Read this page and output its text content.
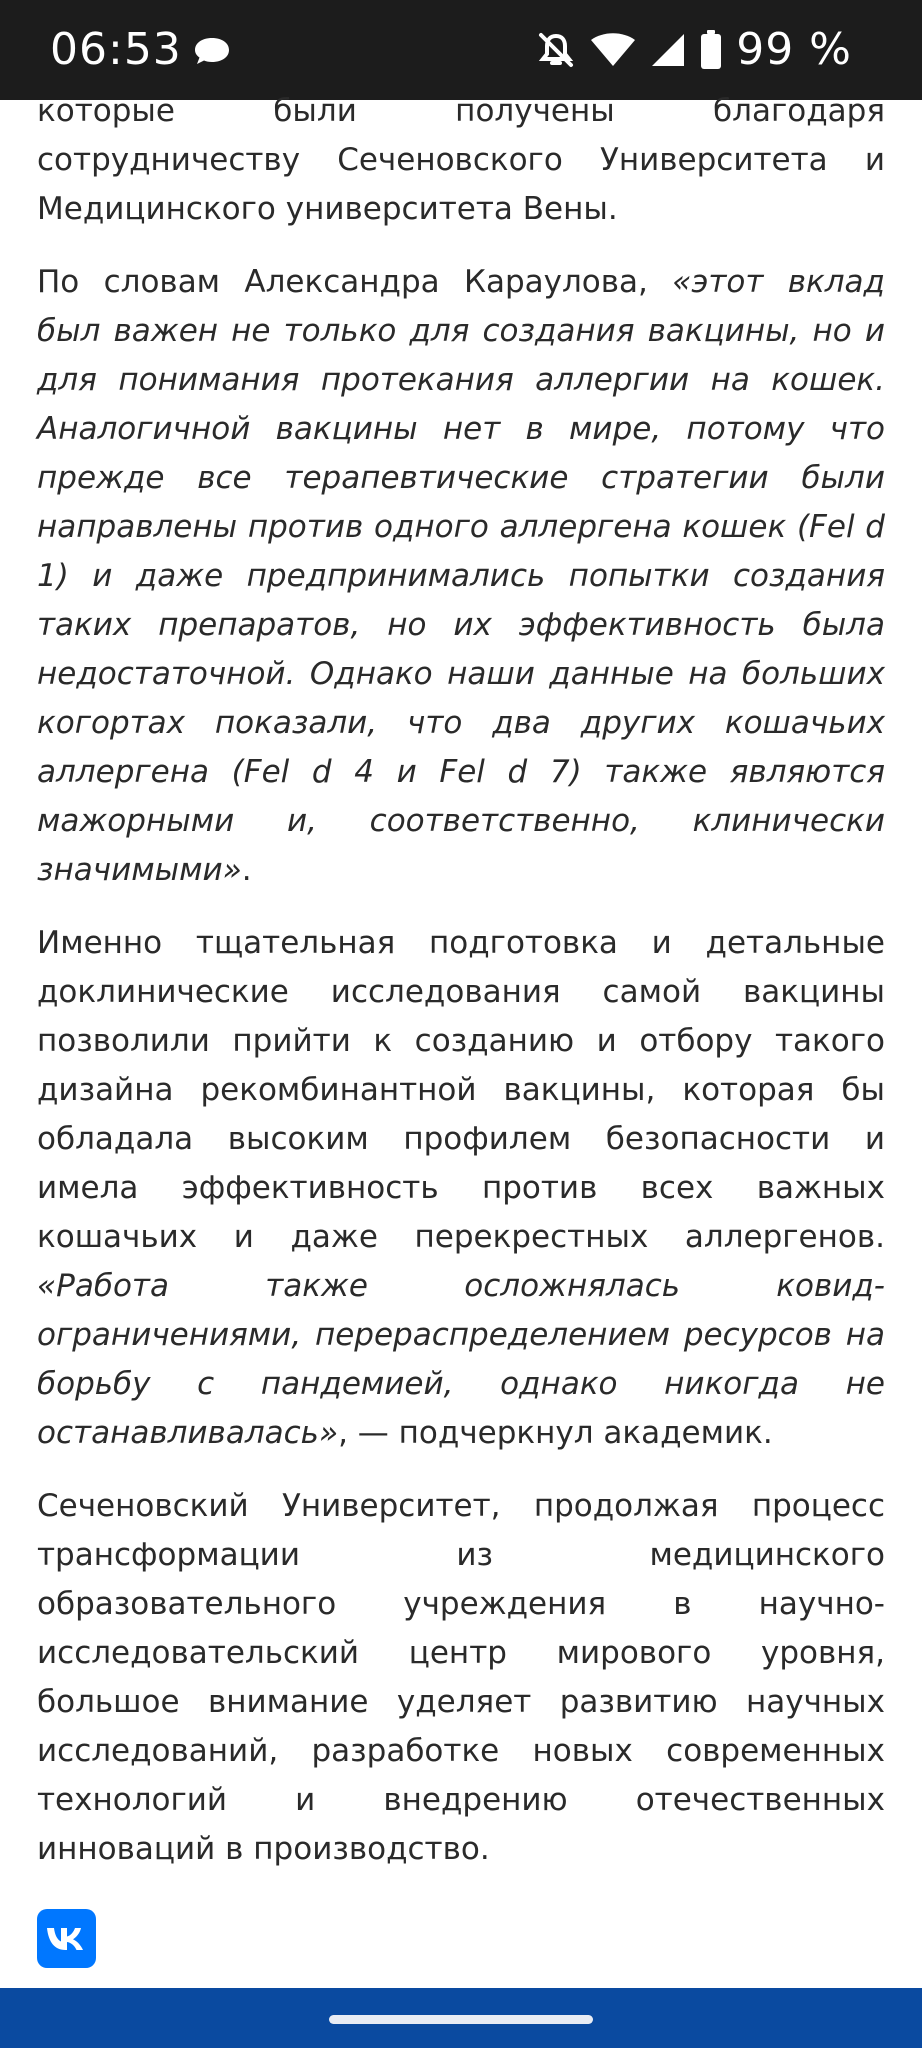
06:53	99 %

которые были получены благодаря сотрудничеству Сеченовского Университета и Медицинского университета Вены.

По словам Александра Караулова, «этот вклад был важен не только для создания вакцины, но и для понимания протекания аллергии на кошек. Аналогичной вакцины нет в мире, потому что прежде все терапевтические стратегии были направлены против одного аллергена кошек (Fel d 1) и даже предпринимались попытки создания таких препаратов, но их эффективность была недостаточной. Однако наши данные на больших когортах показали, что два других кошачьих аллергена (Fel d 4 и Fel d 7) также являются мажорными и, соответственно, клинически значимыми».

Именно тщательная подготовка и детальные доклинические исследования самой вакцины позволили прийти к созданию и отбору такого дизайна рекомбинантной вакцины, которая бы обладала высоким профилем безопасности и имела эффективность против всех важных кошачьих и даже перекрестных аллергенов. «Работа также осложнялась ковид-ограничениями, перераспределением ресурсов на борьбу с пандемией, однако никогда не останавливалась», — подчеркнул академик.

Сеченовский Университет, продолжая процесс трансформации из медицинского образовательного учреждения в научно-исследовательский центр мирового уровня, большое внимание уделяет развитию научных исследований, разработке новых современных технологий и внедрению отечественных инноваций в производство.
